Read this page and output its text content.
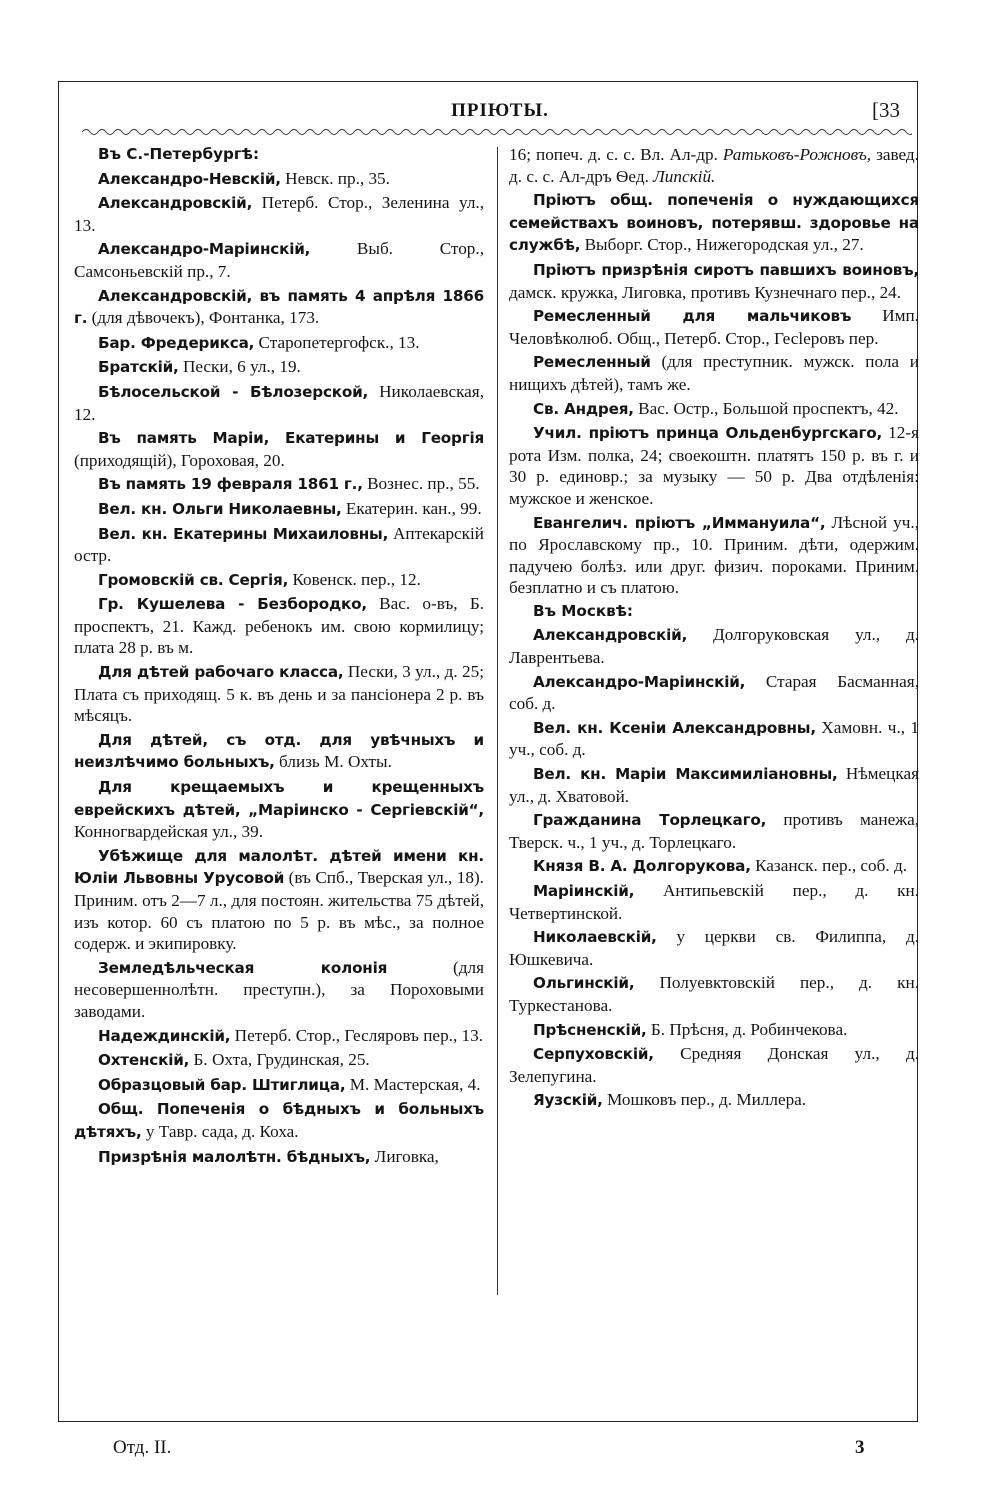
ПРІЮТЫ.	[33
Въ С.-Петербургѣ:
Александро-Невскій, Невск. пр., 35.
Александровскій, Петерб. Стор., Зеленина ул., 13.
Александро-Маріинскій, Выб. Стор., Самсоньевскій пр., 7.
Александровскій, въ память 4 апрѣля 1866 г. (для дѣвочекъ), Фонтанка, 173.
Бар. Фредерикса, Старопетергофск., 13.
Братскій, Пески, 6 ул., 19.
Бѣлосельской - Бѣлозерской, Николаевская, 12.
Въ память Маріи, Екатерины и Георгія (приходящій), Гороховая, 20.
Въ память 19 февраля 1861 г., Вознес. пр., 55.
Вел. кн. Ольги Николаевны, Екатерин. кан., 99.
Вел. кн. Екатерины Михаиловны, Аптекарскій остр.
Громовскій св. Сергія, Ковенск. пер., 12.
Гр. Кушелева - Безбородко, Вас. о-въ, Б. проспектъ, 21. Кажд. ребенокъ им. свою кормилицу; плата 28 р. въ м.
Для дѣтей рабочаго класса, Пески, 3 ул., д. 25; Плата съ приходящ. 5 к. въ день и за пансіонера 2 р. въ мѣсяцъ.
Для дѣтей, съ отд. для увѣчныхъ и неизлѣчимо больныхъ, близь М. Охты.
Для крещаемыхъ и крещенныхъ еврейскихъ дѣтей, „Маріинско - Сергіевскій“, Конногвардейская ул., 39.
Убѣжище для малолѣт. дѣтей имени кн. Юліи Львовны Урусовой (въ Спб., Тверская ул., 18). Приним. отъ 2—7 л., для постоян. жительства 75 дѣтей, изъ котор. 60 съ платою по 5 р. въ мѣс., за полное содерж. и экипировку.
Земледѣльческая колонія (для несовершеннолѣтн. преступн.), за Пороховыми заводами.
Надеждинскій, Петерб. Стор., Гесляровъ пер., 13.
Охтенскій, Б. Охта, Грудинская, 25.
Образцовый бар. Штиглица, М. Мастерская, 4.
Общ. Попеченія о бѣдныхъ и больныхъ дѣтяхъ, у Тавр. сада, д. Коха.
Призрѣнія малолѣтн. бѣдныхъ, Лиговка,
16; попеч. д. с. с. Вл. Ал-др. Ратьковъ-Рожновъ, завед. д. с. с. Ал-дръ Ѳед. Липскій.
Пріютъ общ. попеченія о нуждающихся семействахъ воиновъ, потерявш. здоровье на службѣ, Выборг. Стор., Нижегородская ул., 27.
Пріютъ призрѣнія сиротъ павшихъ воиновъ, дамск. кружка, Лиговка, противъ Кузнечнаго пер., 24.
Ремесленный для мальчиковъ Имп. Человѣколюб. Общ., Петерб. Стор., Гесleровъ пер.
Ремесленный (для преступник. мужск. пола и нищихъ дѣтей), тамъ же.
Св. Андрея, Вас. Остр., Большой проспектъ, 42.
Учил. пріютъ принца Ольденбургскаго, 12-я рота Изм. полка, 24; своекоштн. платятъ 150 р. въ г. и 30 р. единовр.; за музыку — 50 р. Два отдѣленія: мужское и женское.
Евангелич. пріютъ „Иммануила“, Лѣсной уч., по Ярославскому пр., 10. Приним. дѣти, одержим. падучею болѣз. или друг. физич. пороками. Приним. безплатно и съ платою.
Въ Москвѣ:
Александровскій, Долгоруковская ул., д. Лаврентьева.
Александро-Маріинскій, Старая Басманная, соб. д.
Вел. кн. Ксеніи Александровны, Хамовн. ч., 1 уч., соб. д.
Вел. кн. Маріи Максимиліановны, Нѣмецкая ул., д. Хватовой.
Гражданина Торлецкаго, противъ манежа, Тверск. ч., 1 уч., д. Торлецкаго.
Князя В. А. Долгорукова, Казанск. пер., соб. д.
Маріинскій, Антипьевскій пер., д. кн. Четвертинской.
Николаевскій, у церкви св. Филиппа, д. Юшкевича.
Ольгинскій, Полуевктовскій пер., д. кн. Туркестанова.
Прѣсненскій, Б. Прѣсня, д. Робинчекова.
Серпуховскій, Средняя Донская ул., д. Зелепугина.
Яузскій, Мошковъ пер., д. Миллера.
Отд. II.	3
